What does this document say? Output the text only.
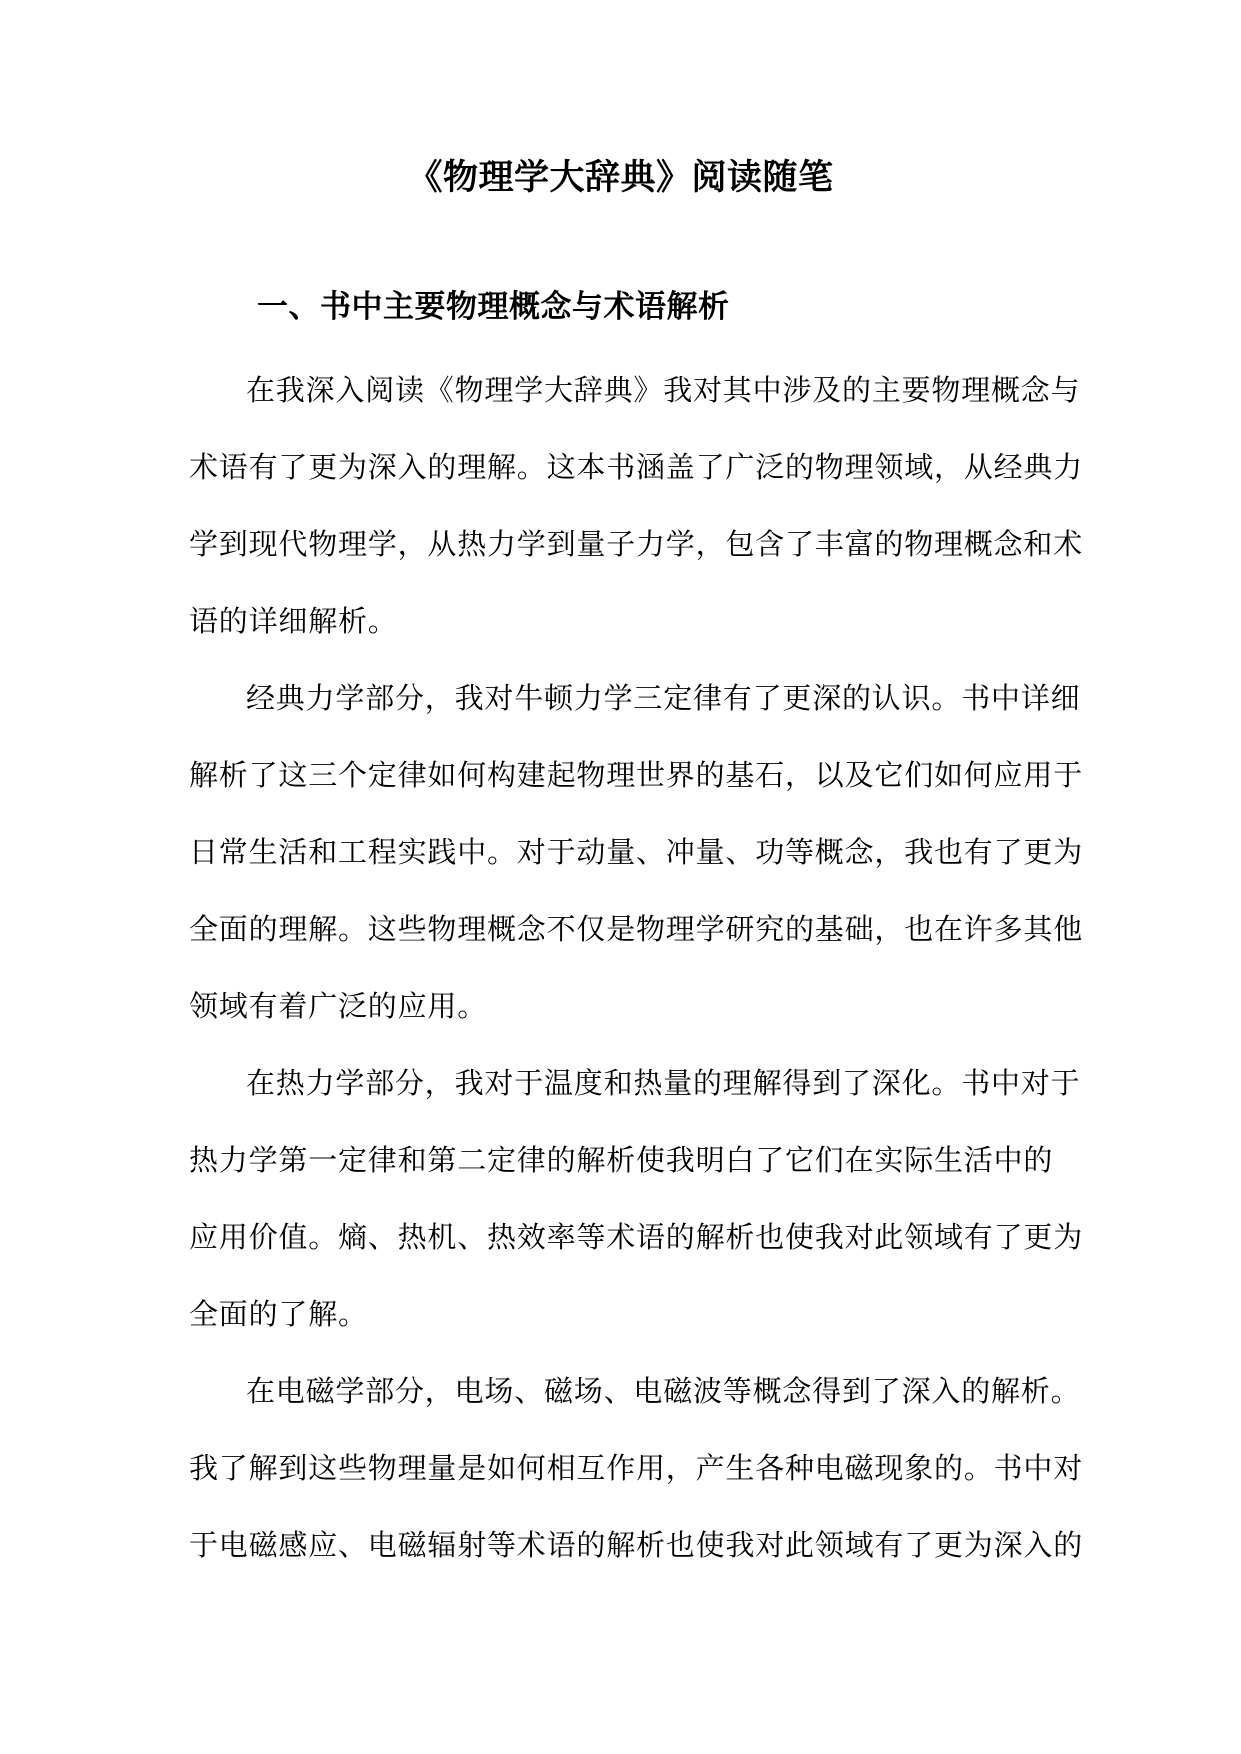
《物理学大辞典》阅读随笔
一、书中主要物理概念与术语解析

在我深入阅读《物理学大辞典》我对其中涉及的主要物理概念与

术语有了更为深入的理解。这本书涵盖了广泛的物理领域，从经典力

学到现代物理学，从热力学到量子力学，包含了丰富的物理概念和术

语的详细解析。

经典力学部分，我对牛顿力学三定律有了更深的认识。书中详细

解析了这三个定律如何构建起物理世界的基石，以及它们如何应用于

日常生活和工程实践中。对于动量、冲量、功等概念，我也有了更为

全面的理解。这些物理概念不仅是物理学研究的基础，也在许多其他

领域有着广泛的应用。

在热力学部分，我对于温度和热量的理解得到了深化。书中对于

热力学第一定律和第二定律的解析使我明白了它们在实际生活中的

应用价值。熵、热机、热效率等术语的解析也使我对此领域有了更为

全面的了解。

在电磁学部分，电场、磁场、电磁波等概念得到了深入的解析。

我了解到这些物理量是如何相互作用，产生各种电磁现象的。书中对

于电磁感应、电磁辐射等术语的解析也使我对此领域有了更为深入的
